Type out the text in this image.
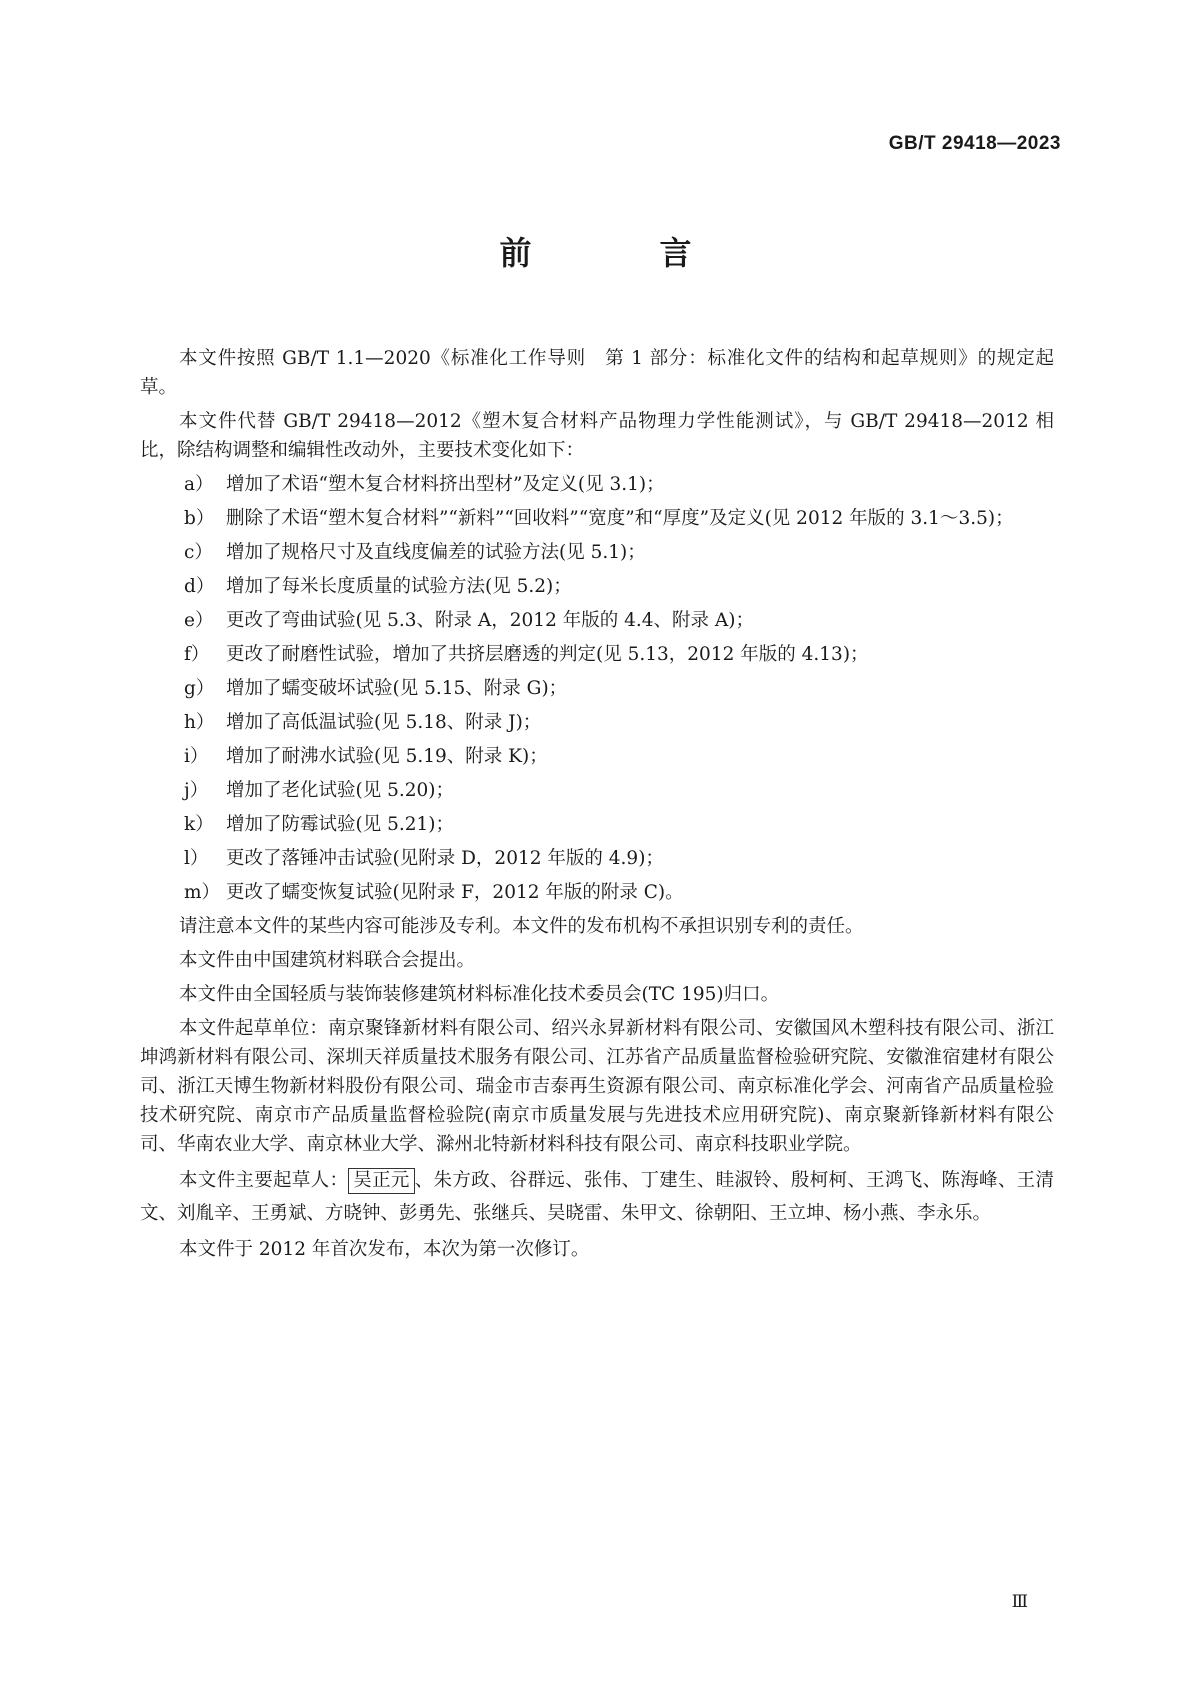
GB/T 29418—2023
前　言

本文件按照 GB/T 1.1—2020《标准化工作导则　第 1 部分：标准化文件的结构和起草规则》的规定起草。

本文件代替 GB/T 29418—2012《塑木复合材料产品物理力学性能测试》，与 GB/T 29418—2012 相比，除结构调整和编辑性改动外，主要技术变化如下：

a） 增加了术语“塑木复合材料挤出型材”及定义(见 3.1)；

b） 删除了术语“塑木复合材料”“新料”“回收料”“宽度”和“厚度”及定义(见 2012 年版的 3.1～3.5)；

c） 增加了规格尺寸及直线度偏差的试验方法(见 5.1)；

d） 增加了每米长度质量的试验方法(见 5.2)；

e） 更改了弯曲试验(见 5.3、附录 A，2012 年版的 4.4、附录 A)；

f） 更改了耐磨性试验，增加了共挤层磨透的判定(见 5.13，2012 年版的 4.13)；

g） 增加了蠕变破坏试验(见 5.15、附录 G)；

h） 增加了高低温试验(见 5.18、附录 J)；

i） 增加了耐沸水试验(见 5.19、附录 K)；

j） 增加了老化试验(见 5.20)；

k） 增加了防霉试验(见 5.21)；

l） 更改了落锤冲击试验(见附录 D，2012 年版的 4.9)；

m） 更改了蠕变恢复试验(见附录 F，2012 年版的附录 C)。

请注意本文件的某些内容可能涉及专利。本文件的发布机构不承担识别专利的责任。

本文件由中国建筑材料联合会提出。

本文件由全国轻质与装饰装修建筑材料标准化技术委员会(TC 195)归口。

本文件起草单位：南京聚锋新材料有限公司、绍兴永昇新材料有限公司、安徽国风木塑科技有限公司、浙江坤鸿新材料有限公司、深圳天祥质量技术服务有限公司、江苏省产品质量监督检验研究院、安徽淮宿建材有限公司、浙江天博生物新材料股份有限公司、瑞金市吉泰再生资源有限公司、南京标准化学会、河南省产品质量检验技术研究院、南京市产品质量监督检验院(南京市质量发展与先进技术应用研究院)、南京聚新锋新材料有限公司、华南农业大学、南京林业大学、滁州北特新材料科技有限公司、南京科技职业学院。

本文件主要起草人： 吴正元 、朱方政、谷群远、张伟、丁建生、眭淑铃、殷柯柯、王鸿飞、陈海峰、王清文、刘胤辛、王勇斌、方晓钟、彭勇先、张继兵、吴晓雷、朱甲文、徐朝阳、王立坤、杨小燕、李永乐。

本文件于 2012 年首次发布，本次为第一次修订。

Ⅲ
